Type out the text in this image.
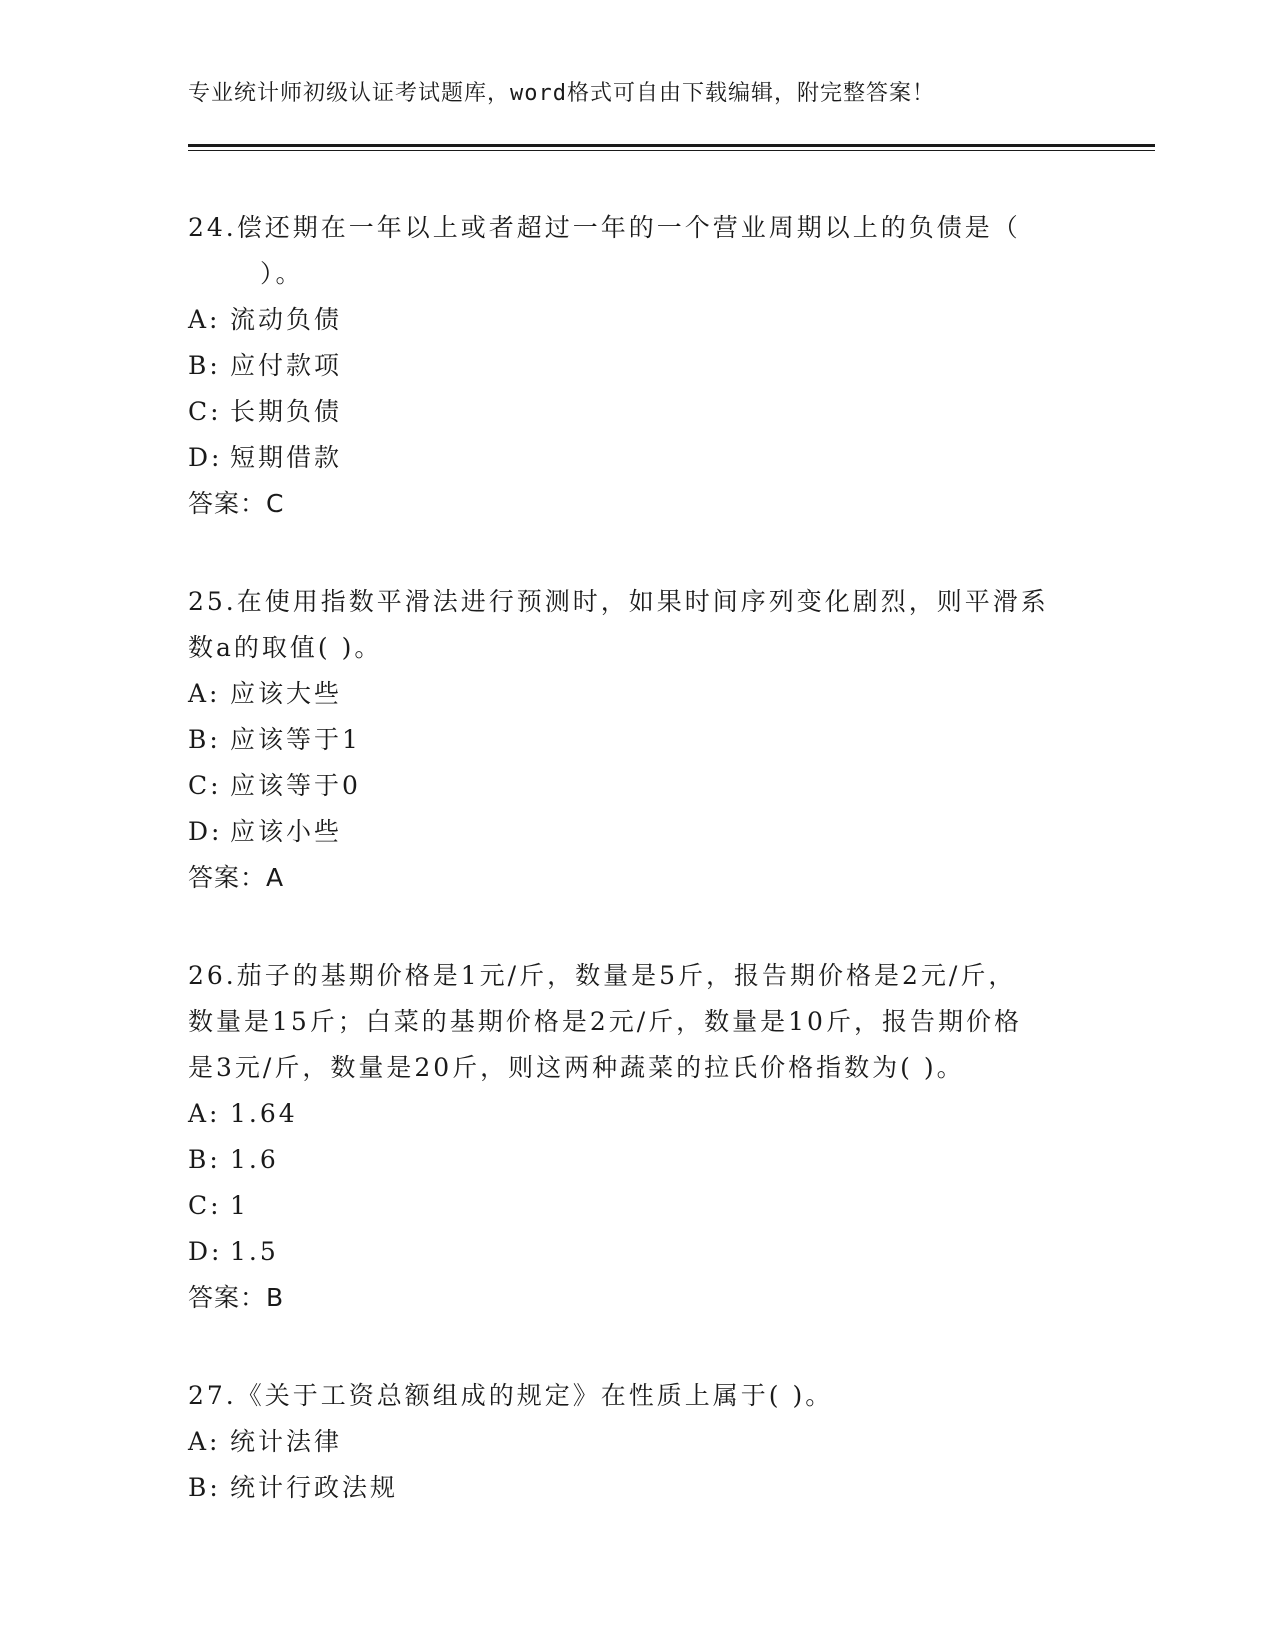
专业统计师初级认证考试题库，word格式可自由下载编辑，附完整答案！
24.偿还期在一年以上或者超过一年的一个营业周期以上的负债是（
）。
A: 流动负债
B: 应付款项
C: 长期负债
D: 短期借款
答案：C
25.在使用指数平滑法进行预测时，如果时间序列变化剧烈，则平滑系
数a的取值( )。
A: 应该大些
B: 应该等于1
C: 应该等于0
D: 应该小些
答案：A
26.茄子的基期价格是1元/斤，数量是5斤，报告期价格是2元/斤，
数量是15斤；白菜的基期价格是2元/斤，数量是10斤，报告期价格
是3元/斤，数量是20斤，则这两种蔬菜的拉氏价格指数为( )。
A: 1.64
B: 1.6
C: 1
D: 1.5
答案：B
27.《关于工资总额组成的规定》在性质上属于( )。
A: 统计法律
B: 统计行政法规
